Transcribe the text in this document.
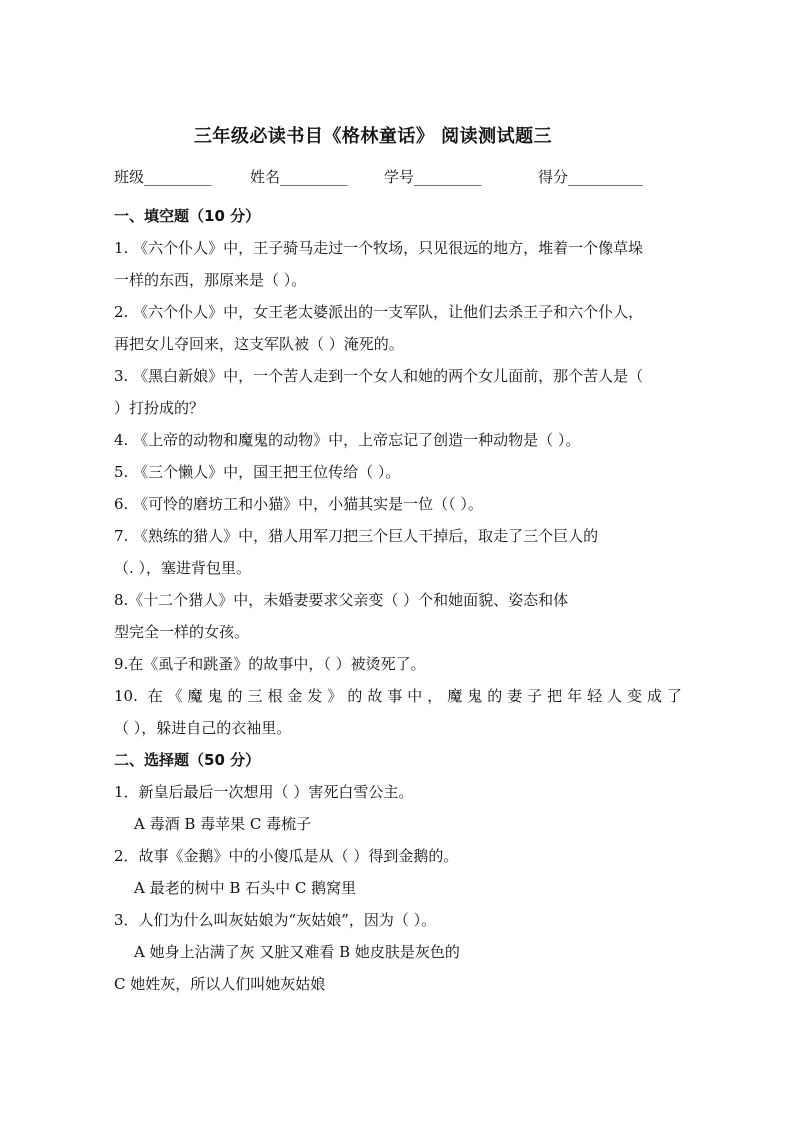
三年级必读书目《格林童话》 阅读测试题三
班级_________	姓名_________ 学号_________	得分__________
一、填空题（10 分）
1. 《六个仆人》中，王子骑马走过一个牧场，只见很远的地方，堆着一个像草垛
一样的东西，那原来是（ ）。
2. 《六个仆人》中，女王老太婆派出的一支军队，让他们去杀王子和六个仆人，
再把女儿夺回来，这支军队被（ ）淹死的。
3. 《黑白新娘》中，一个苦人走到一个女人和她的两个女儿面前，那个苦人是（
）打扮成的？
4. 《上帝的动物和魔鬼的动物》中，上帝忘记了创造一种动物是（ ）。
5. 《三个懒人》中，国王把王位传给（ ）。
6. 《可怜的磨坊工和小猫》中，小猫其实是一位（（ ）。
7. 《熟练的猎人》中，猎人用军刀把三个巨人干掉后，取走了三个巨人的
（. ），塞进背包里。
8.《十二个猎人》中，未婚妻要求父亲变（ ）个和她面貌、姿态和体
型完全一样的女孩。
9.在《虱子和跳蚤》的故事中，（ ）被烫死了。
10. 在《魔鬼的三根金发》的故事中，魔鬼的妻子把年轻人变成了
（ ），躲进自己的衣袖里。
二、选择题（50 分）
1．新皇后最后一次想用（ ）害死白雪公主。
A 毒酒 B 毒苹果 C 毒梳子
2．故事《金鹅》中的小傻瓜是从（ ）得到金鹅的。
A 最老的树中 B 石头中 C 鹅窝里
3．人们为什么叫灰姑娘为“灰姑娘”，因为（ ）。
A 她身上沾满了灰 又脏又难看 B 她皮肤是灰色的
C 她姓灰，所以人们叫她灰姑娘
